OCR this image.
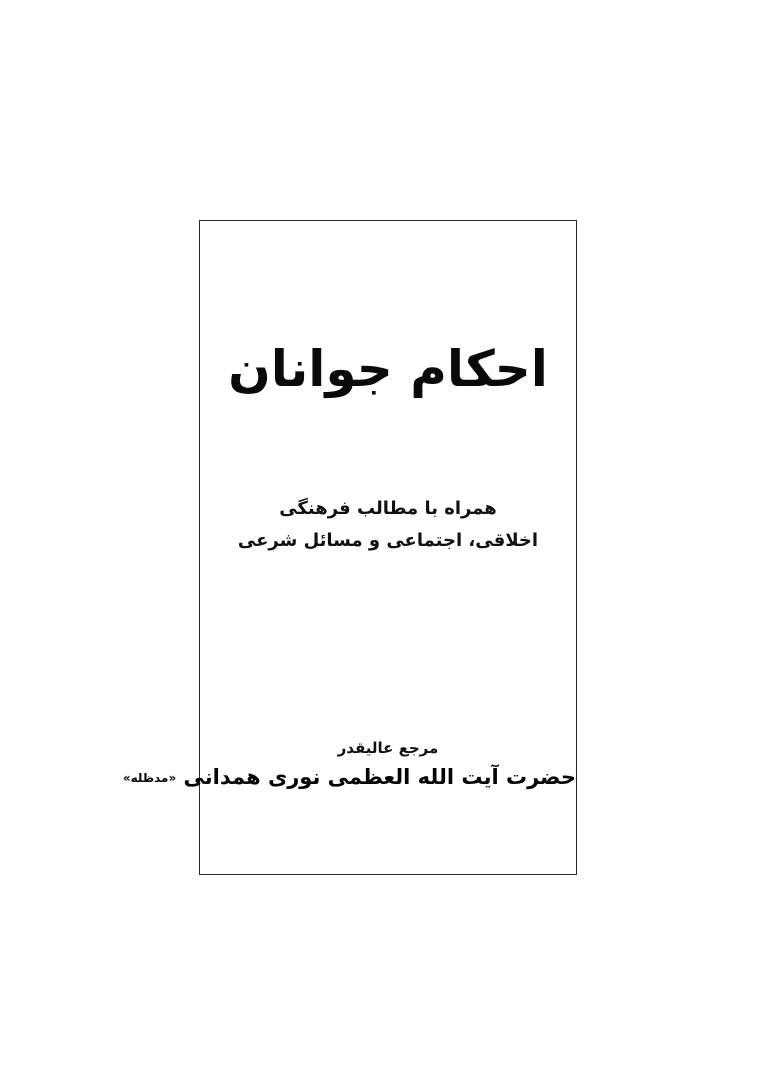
احکام جوانان
همراه با مطالب فرهنگی
اخلاقی، اجتماعی و مسائل شرعی
مرجع عالیقدر
حضرت آیت الله العظمی نوری همدانی «مدظله»
